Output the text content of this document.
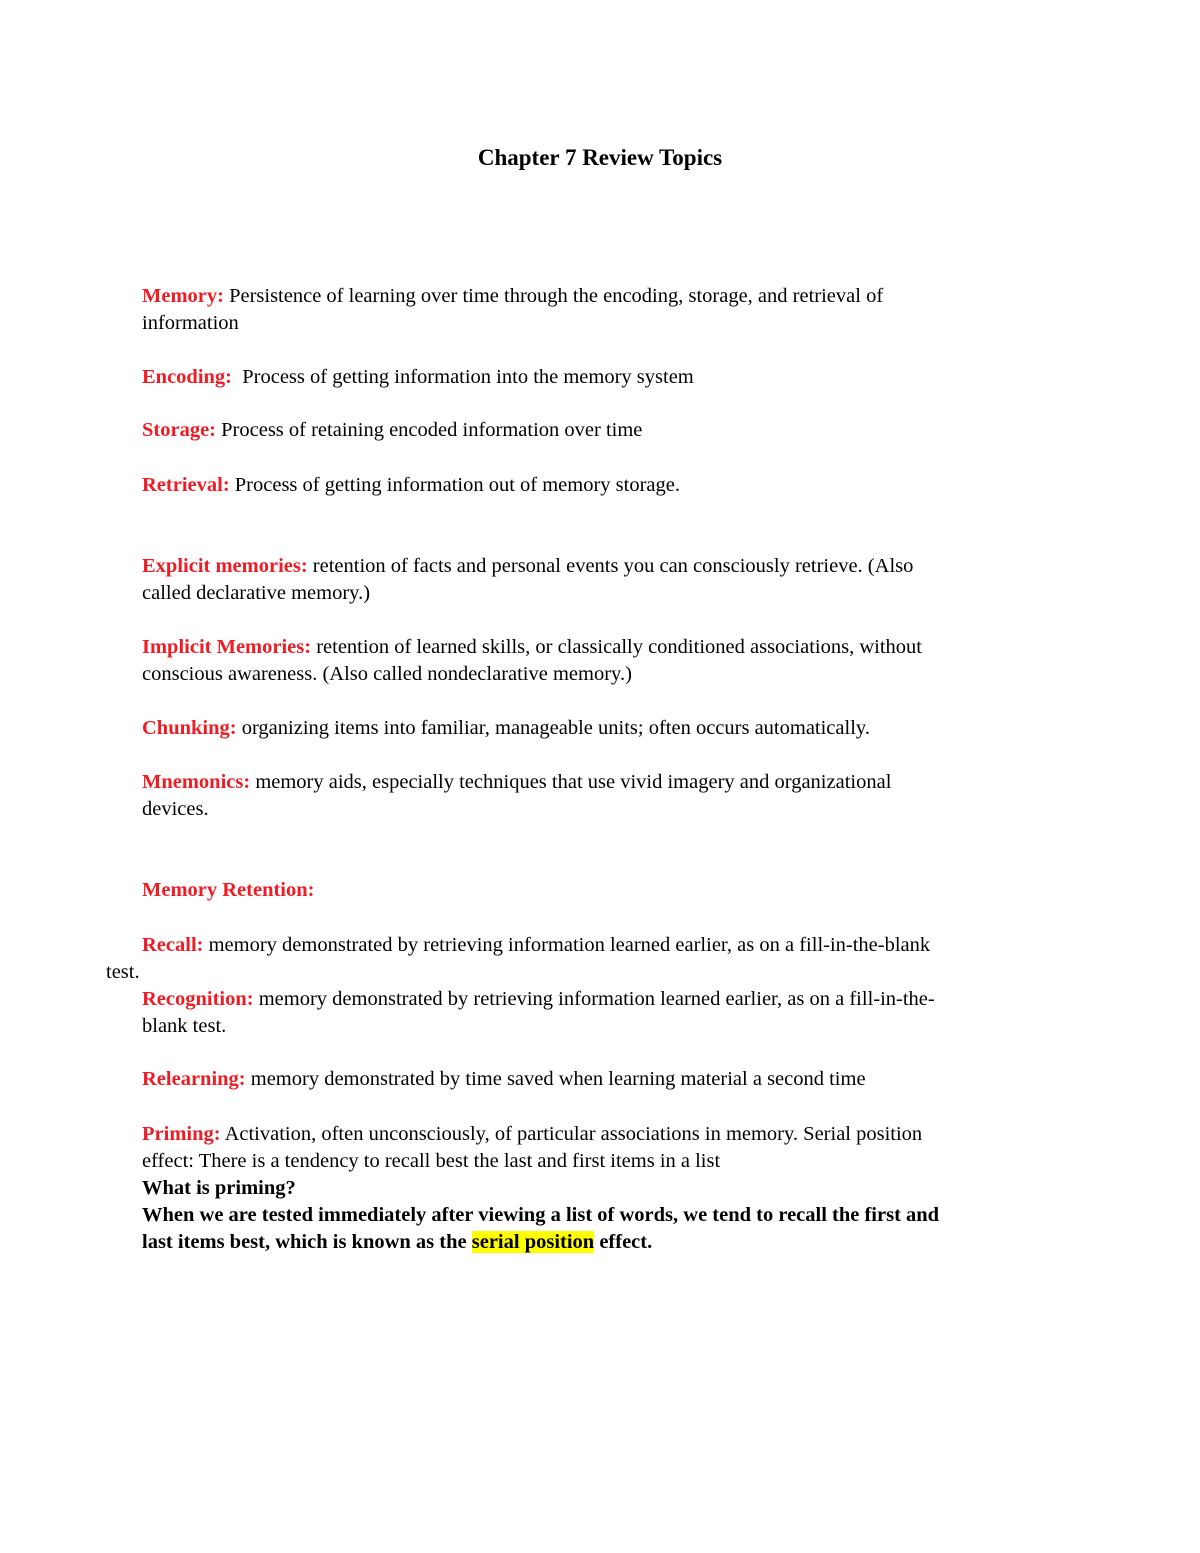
Chapter 7 Review Topics
Memory: Persistence of learning over time through the encoding, storage, and retrieval of
information
Encoding:  Process of getting information into the memory system
Storage: Process of retaining encoded information over time
Retrieval: Process of getting information out of memory storage.
Explicit memories: retention of facts and personal events you can consciously retrieve. (Also
called declarative memory.)
Implicit Memories: retention of learned skills, or classically conditioned associations, without
conscious awareness. (Also called nondeclarative memory.)
Chunking: organizing items into familiar, manageable units; often occurs automatically.
Mnemonics: memory aids, especially techniques that use vivid imagery and organizational
devices.
Memory Retention:
Recall: memory demonstrated by retrieving information learned earlier, as on a fill-in-the-blank
test.
Recognition: memory demonstrated by retrieving information learned earlier, as on a fill-in-the-
blank test.
Relearning: memory demonstrated by time saved when learning material a second time
Priming: Activation, often unconsciously, of particular associations in memory. Serial position
effect: There is a tendency to recall best the last and first items in a list
What is priming?
When we are tested immediately after viewing a list of words, we tend to recall the first and
last items best, which is known as the serial position effect.
